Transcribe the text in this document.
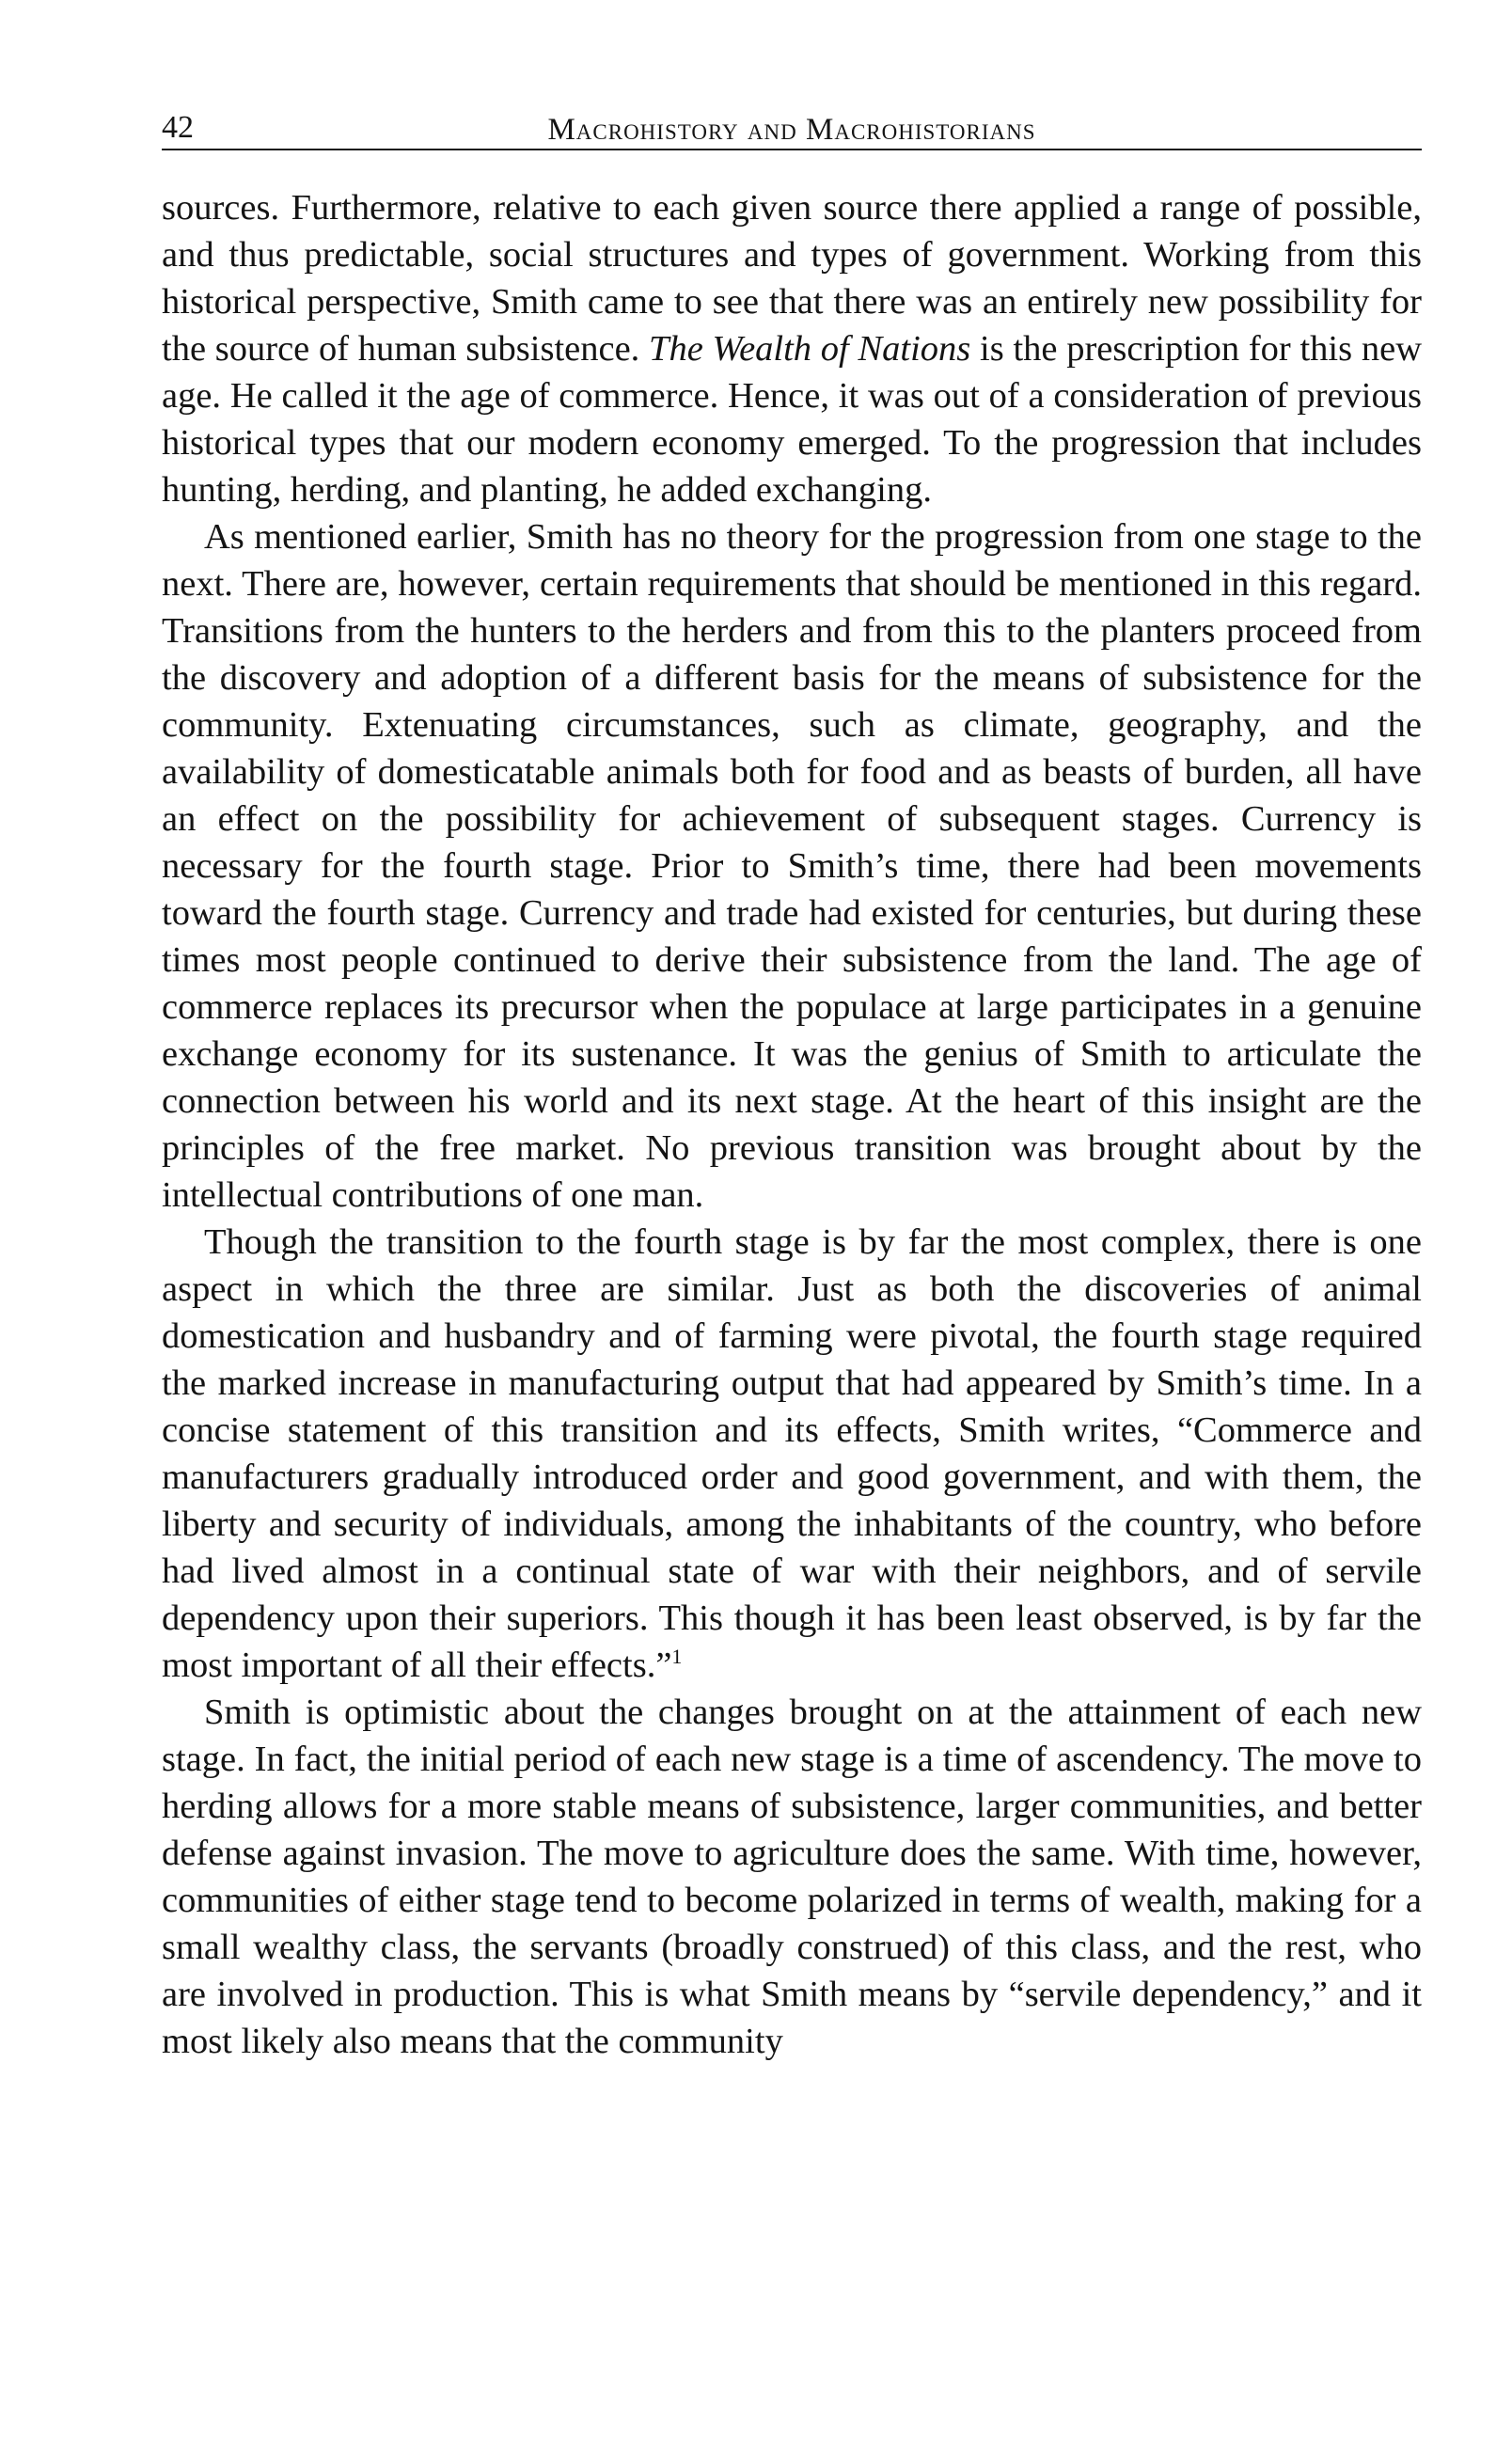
42	Macrohistory and Macrohistorians

sources. Furthermore, relative to each given source there applied a range of possible, and thus predictable, social structures and types of government. Working from this historical perspective, Smith came to see that there was an entirely new possibility for the source of human subsistence. The Wealth of Nations is the prescription for this new age. He called it the age of commerce. Hence, it was out of a consideration of previous historical types that our modern economy emerged. To the progression that includes hunting, herding, and planting, he added exchanging.

As mentioned earlier, Smith has no theory for the progression from one stage to the next. There are, however, certain requirements that should be mentioned in this regard. Transitions from the hunters to the herders and from this to the planters proceed from the discovery and adoption of a different basis for the means of subsistence for the community. Extenuating circumstances, such as climate, geography, and the availability of domesticatable animals both for food and as beasts of burden, all have an effect on the possibility for achievement of subsequent stages. Currency is necessary for the fourth stage. Prior to Smith’s time, there had been movements toward the fourth stage. Currency and trade had existed for centuries, but during these times most people continued to derive their subsistence from the land. The age of commerce replaces its precursor when the populace at large participates in a genuine exchange economy for its sustenance. It was the genius of Smith to articulate the connection between his world and its next stage. At the heart of this insight are the principles of the free market. No previous transition was brought about by the intellectual contributions of one man.

Though the transition to the fourth stage is by far the most complex, there is one aspect in which the three are similar. Just as both the discoveries of animal domestication and husbandry and of farming were pivotal, the fourth stage required the marked increase in manufacturing output that had appeared by Smith’s time. In a concise statement of this transition and its effects, Smith writes, “Commerce and manufacturers gradually introduced order and good government, and with them, the liberty and security of individuals, among the inhabitants of the country, who before had lived almost in a continual state of war with their neighbors, and of servile dependency upon their superiors. This though it has been least observed, is by far the most important of all their effects.”$^1$

Smith is optimistic about the changes brought on at the attainment of each new stage. In fact, the initial period of each new stage is a time of ascendency. The move to herding allows for a more stable means of subsistence, larger communities, and better defense against invasion. The move to agriculture does the same. With time, however, communities of either stage tend to become polarized in terms of wealth, making for a small wealthy class, the servants (broadly construed) of this class, and the rest, who are involved in production. This is what Smith means by “servile dependency,” and it most likely also means that the community
